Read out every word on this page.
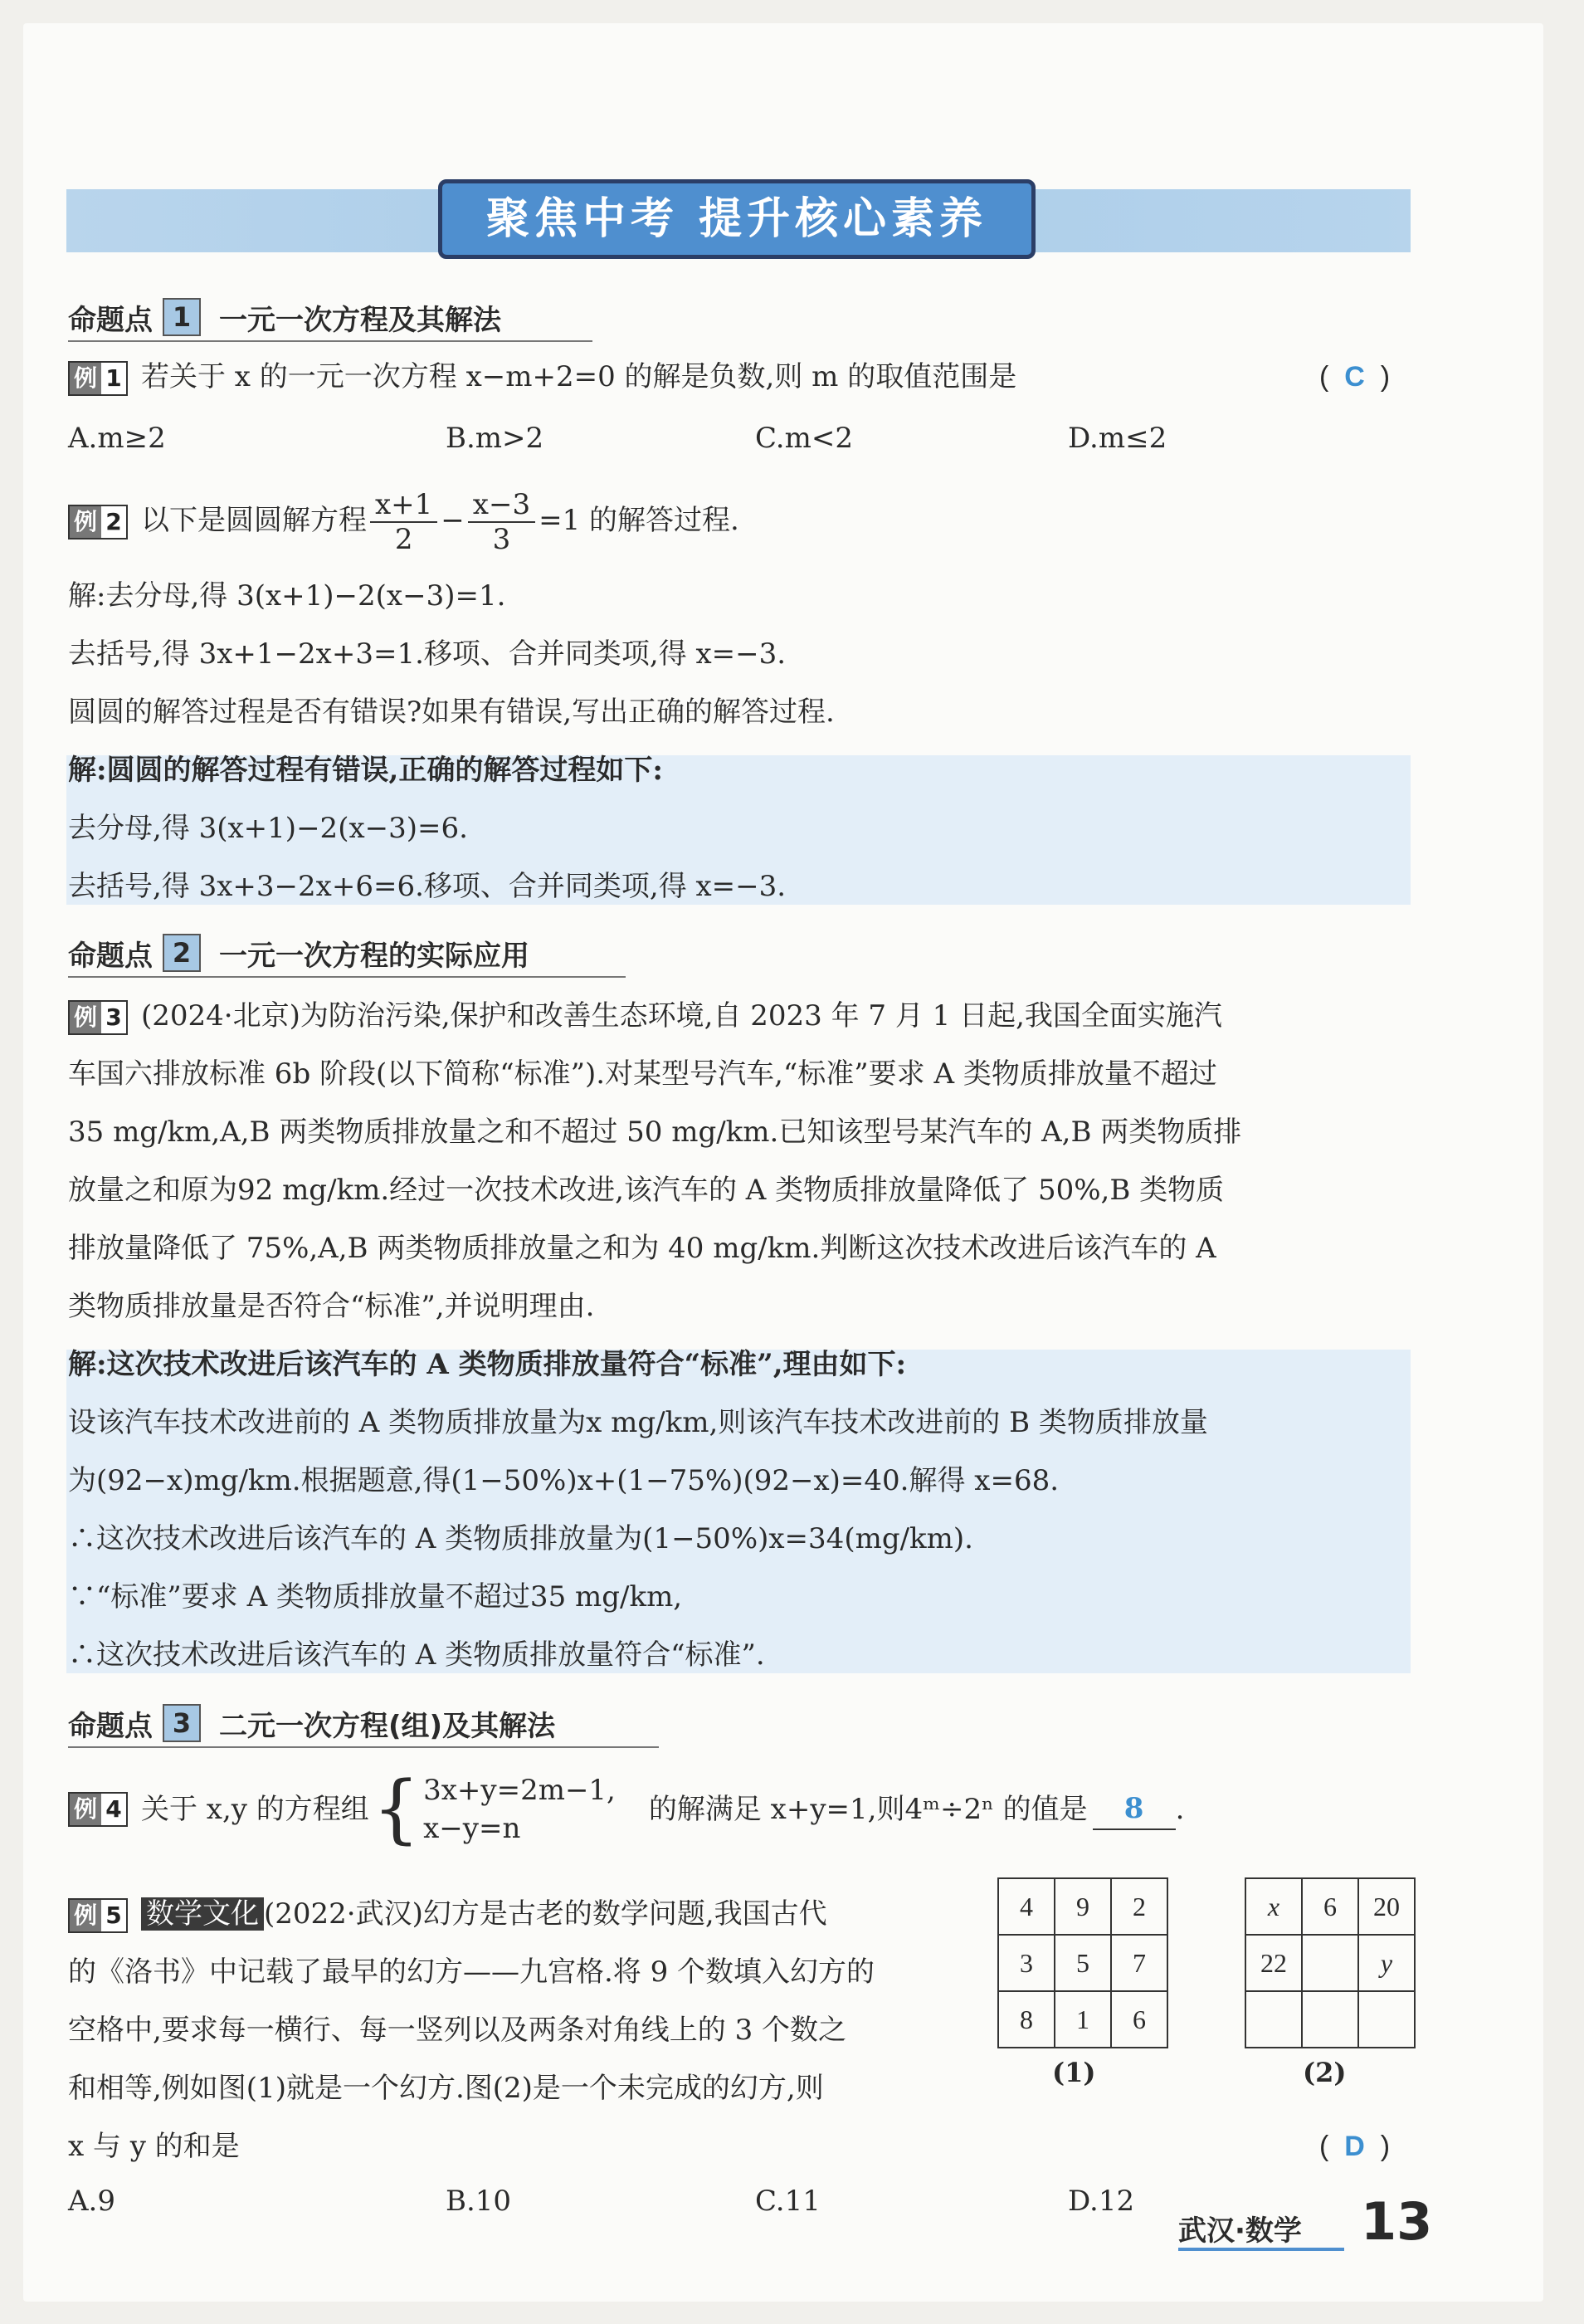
聚焦中考 提升核心素养
命题点 1 一元一次方程及其解法
例 1 若关于 x 的一元一次方程 x−m+2=0 的解是负数,则 m 的取值范围是	( C )
A.m≥2	B.m>2	C.m<2	D.m≤2
例 2 以下是圆圆解方程 $\frac{x+1}{2} - \frac{x-3}{3} =1$ 的解答过程.
解:去分母,得 3(x+1)−2(x−3)=1.
去括号,得 3x+1−2x+3=1.移项、合并同类项,得 x=−3.
圆圆的解答过程是否有错误?如果有错误,写出正确的解答过程.
解:圆圆的解答过程有错误,正确的解答过程如下:
去分母,得 3(x+1)−2(x−3)=6.
去括号,得 3x+3−2x+6=6.移项、合并同类项,得 x=−3.
命题点 2 一元一次方程的实际应用
例 3 (2024·北京)为防治污染,保护和改善生态环境,自 2023 年 7 月 1 日起,我国全面实施汽
车国六排放标准 6b 阶段(以下简称“标准”).对某型号汽车,“标准”要求 A 类物质排放量不超过
35 mg/km,A,B 两类物质排放量之和不超过 50 mg/km.已知该型号某汽车的 A,B 两类物质排
放量之和原为92 mg/km.经过一次技术改进,该汽车的 A 类物质排放量降低了 50%,B 类物质
排放量降低了 75%,A,B 两类物质排放量之和为 40 mg/km.判断这次技术改进后该汽车的 A
类物质排放量是否符合“标准”,并说明理由.
解:这次技术改进后该汽车的 A 类物质排放量符合“标准”,理由如下:
设该汽车技术改进前的 A 类物质排放量为x mg/km,则该汽车技术改进前的 B 类物质排放量
为(92−x)mg/km.根据题意,得(1−50%)x+(1−75%)(92−x)=40.解得 x=68.
∴这次技术改进后该汽车的 A 类物质排放量为(1−50%)x=34(mg/km).
∵“标准”要求 A 类物质排放量不超过35 mg/km,
∴这次技术改进后该汽车的 A 类物质排放量符合“标准”.
命题点 3 二元一次方程(组)及其解法
例 4 关于 x,y 的方程组 { 3x+y=2m−1,
x−y=n
的解满足 x+y=1,则4ᵐ÷2ⁿ 的值是	8	.
例 5 数学文化 (2022·武汉)幻方是古老的数学问题,我国古代
的《洛书》中记载了最早的幻方——九宫格.将 9 个数填入幻方的
空格中,要求每一横行、每一竖列以及两条对角线上的 3 个数之
和相等,例如图(1)就是一个幻方.图(2)是一个未完成的幻方,则
x 与 y 的和是	( D )
A.9	B.10	C.11	D.12
4	9	2
3	5	7
8	1	6
(1)
x	6	20
22		y

(2)
武汉·数学 13
